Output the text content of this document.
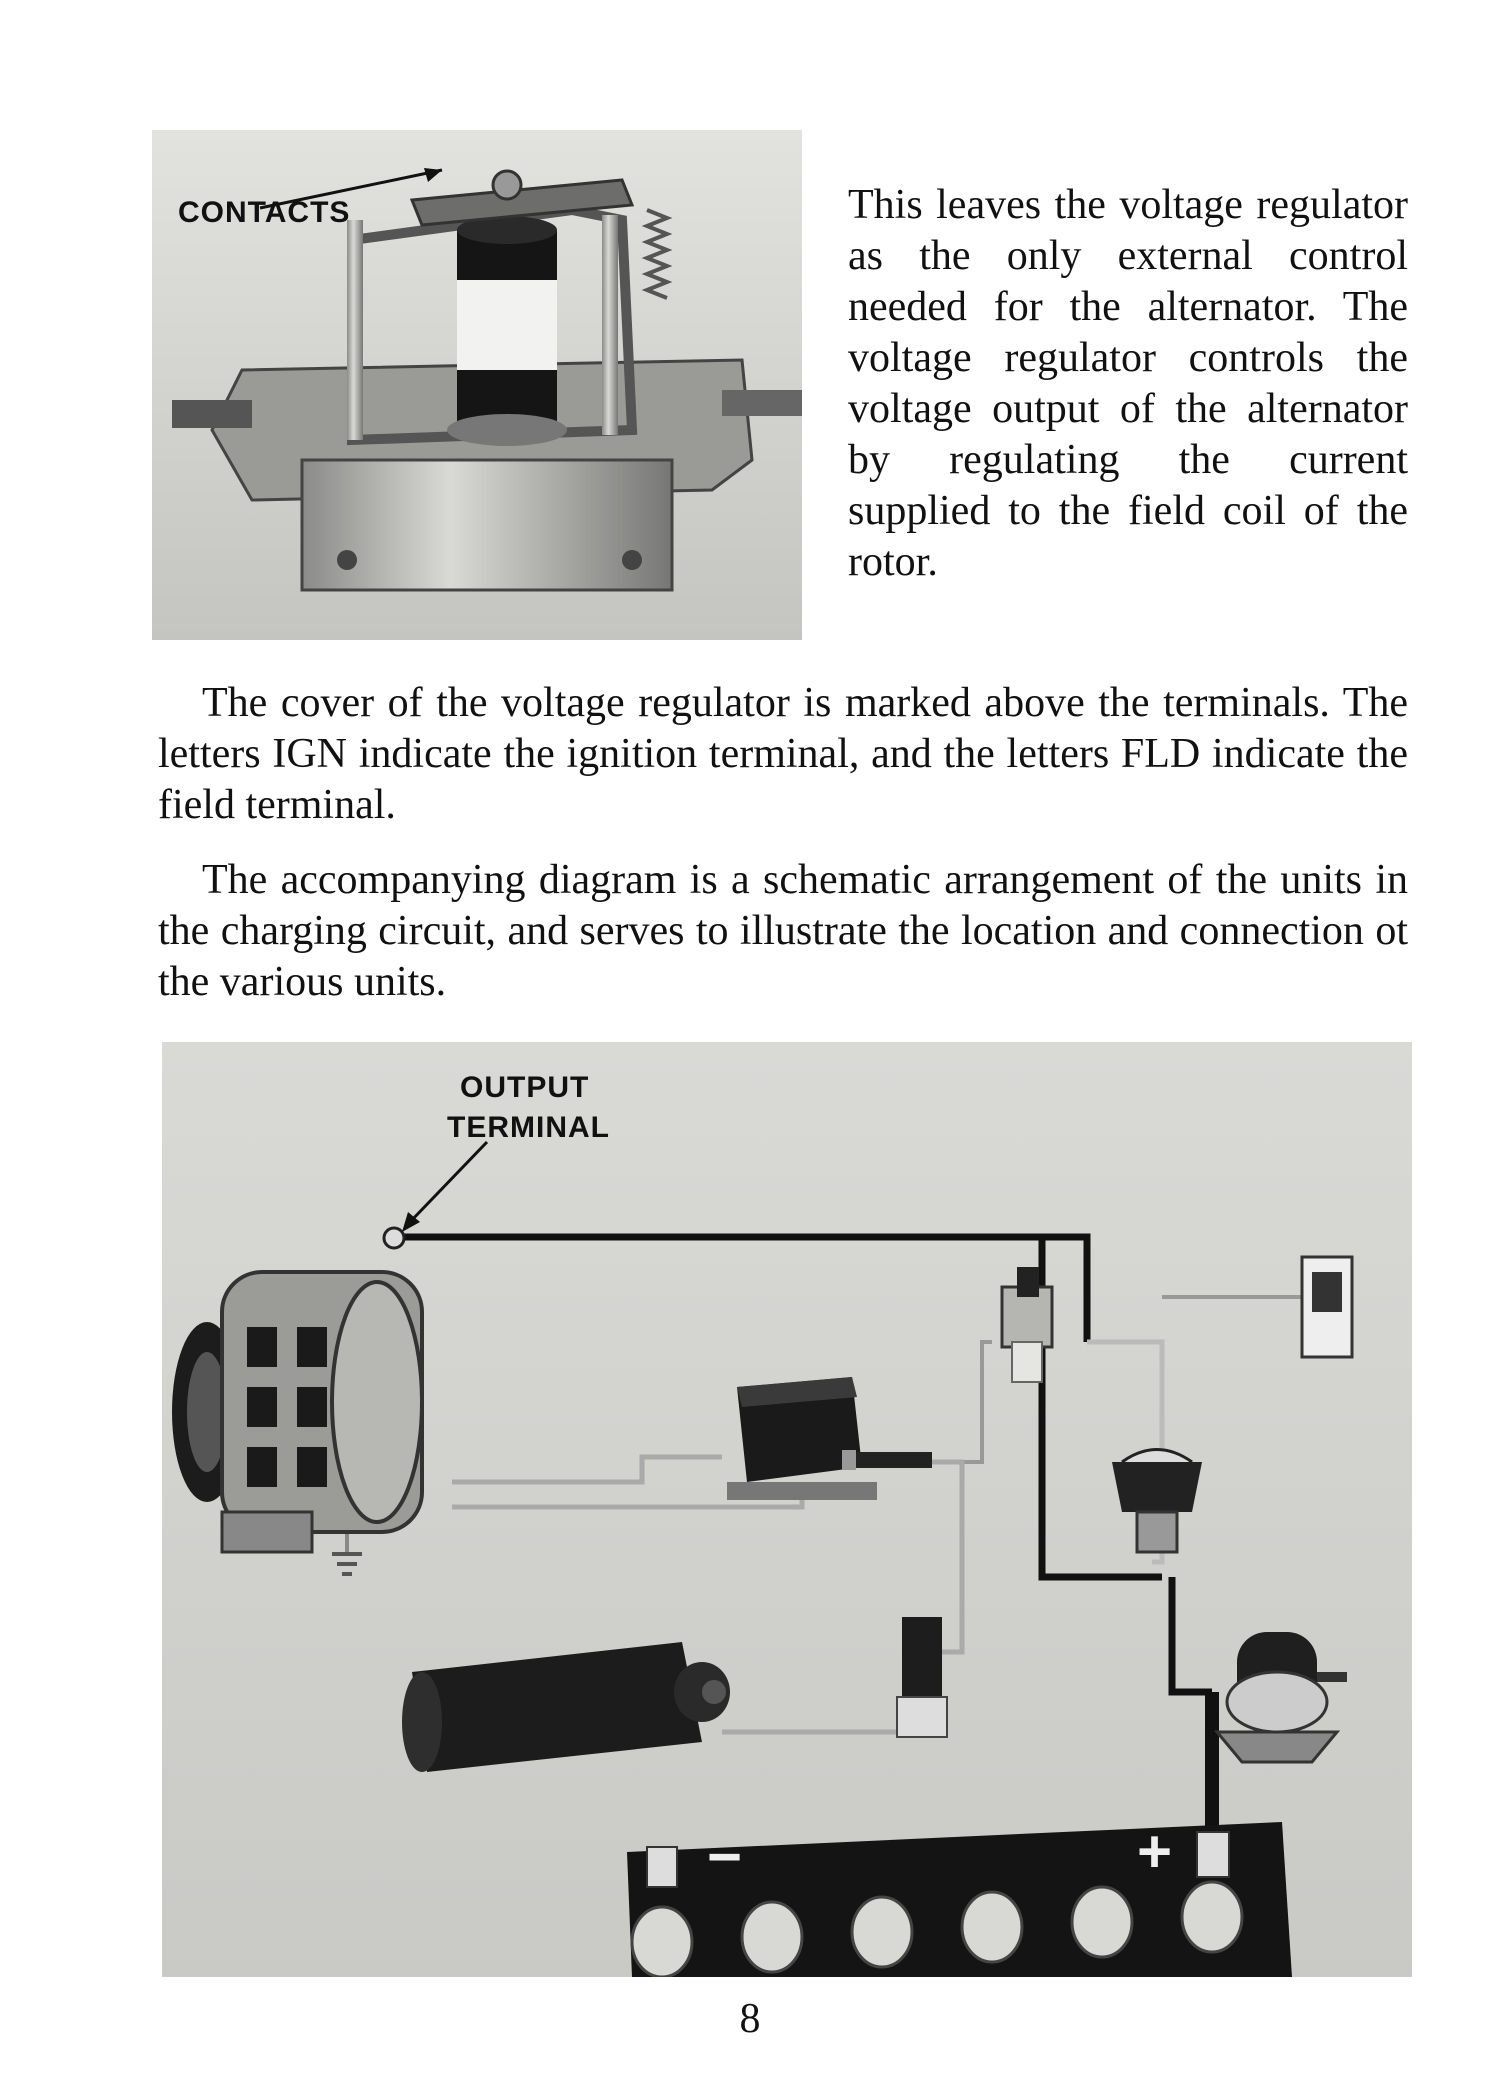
CONTACTS	This leaves the voltage regulator as the only external control needed for the alternator. The voltage regulator controls the voltage output of the alternator by regulating the current supplied to the field coil of the rotor.

The cover of the voltage regulator is marked above the terminals. The letters IGN indicate the ignition terminal, and the letters FLD indicate the field terminal.

The accompanying diagram is a schematic arrangement of the units in the charging circuit, and serves to illustrate the location and connection ot the various units.

−	+
OUTPUT
TERMINAL

8
